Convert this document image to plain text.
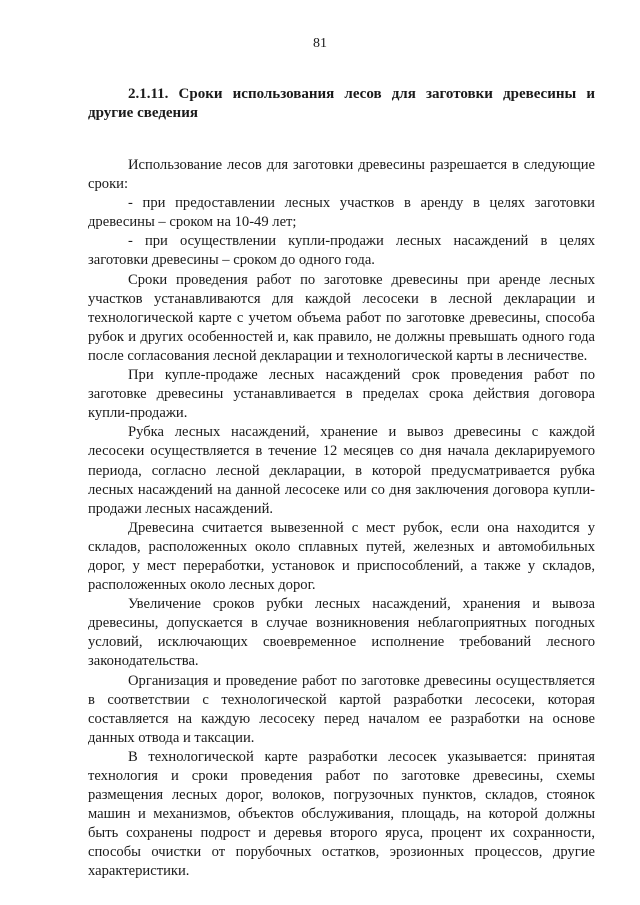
81

2.1.11. Сроки использования лесов для заготовки древесины и другие сведения

Использование лесов для заготовки древесины разрешается в следующие сроки:

- при предоставлении лесных участков в аренду в целях заготовки древесины – сроком на 10-49 лет;

- при осуществлении купли-продажи лесных насаждений в целях заготовки древесины – сроком до одного года.

Сроки проведения работ по заготовке древесины при аренде лесных участков устанавливаются для каждой лесосеки в лесной декларации и технологической карте с учетом объема работ по заготовке древесины, способа рубок и других особенностей и, как правило, не должны превышать одного года после согласования лесной декларации и технологической карты в лесничестве.

При купле-продаже лесных насаждений срок проведения работ по заготовке древесины устанавливается в пределах срока действия договора купли-продажи.

Рубка лесных насаждений, хранение и вывоз древесины с каждой лесосеки осуществляется в течение 12 месяцев со дня начала декларируемого периода, согласно лесной декларации, в которой предусматривается рубка лесных насаждений на данной лесосеке или со дня заключения договора купли-продажи лесных насаждений.

Древесина считается вывезенной с мест рубок, если она находится у складов, расположенных около сплавных путей, железных и автомобильных дорог, у мест переработки, установок и приспособлений, а также у складов, расположенных около лесных дорог.

Увеличение сроков рубки лесных насаждений, хранения и вывоза древесины, допускается в случае возникновения неблагоприятных погодных условий, исключающих своевременное исполнение требований лесного законодательства.

Организация и проведение работ по заготовке древесины осуществляется в соответствии с технологической картой разработки лесосеки, которая составляется на каждую лесосеку перед началом ее разработки на основе данных отвода и таксации.

В технологической карте разработки лесосек указывается: принятая технология и сроки проведения работ по заготовке древесины, схемы размещения лесных дорог, волоков, погрузочных пунктов, складов, стоянок машин и механизмов, объектов обслуживания, площадь, на которой должны быть сохранены подрост и деревья второго яруса, процент их сохранности, способы очистки от порубочных остатков, эрозионных процессов, другие характеристики.
